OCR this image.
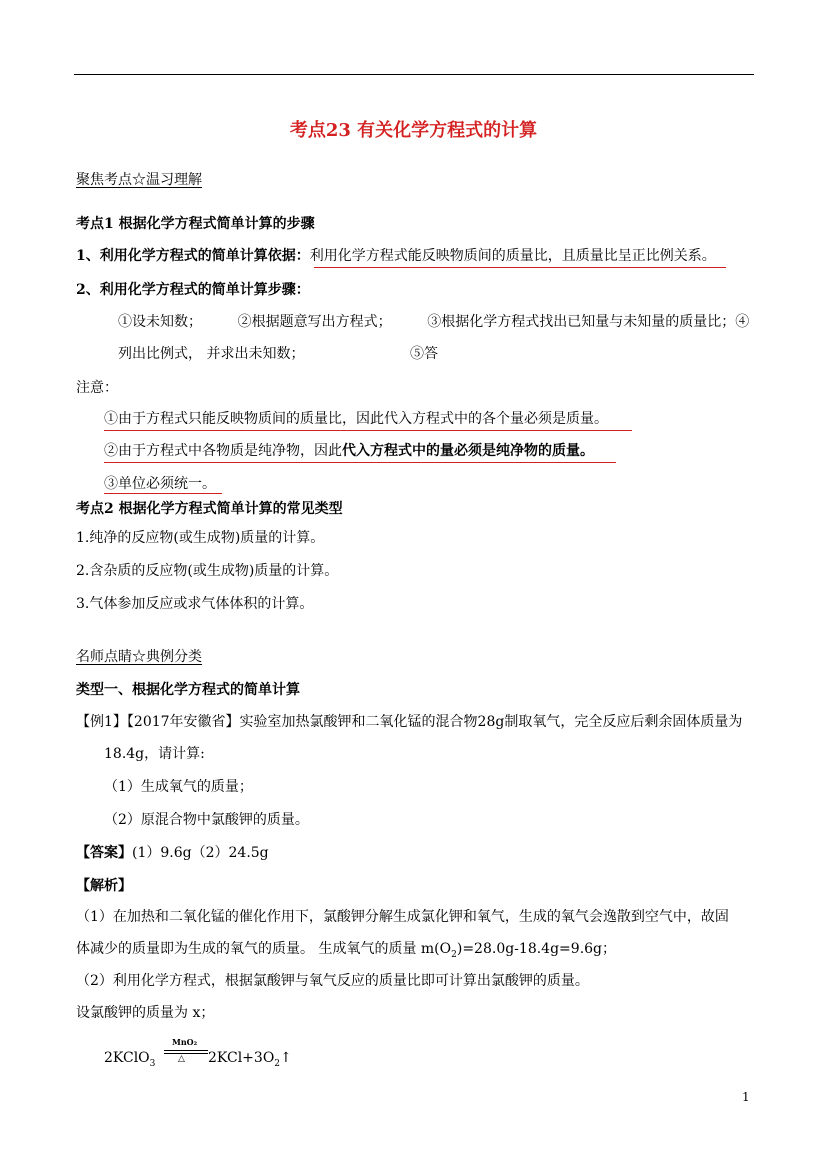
考点23 有关化学方程式的计算
聚焦考点☆温习理解
考点1 根据化学方程式简单计算的步骤
1、利用化学方程式的简单计算依据：利用化学方程式能反映物质间的质量比，且质量比呈正比例关系。
2、利用化学方程式的简单计算步骤：
①设未知数；        ②根据题意写出方程式；        ③根据化学方程式找出已知量与未知量的质量比；④
列出比例式， 并求出未知数；	⑤答
注意：
①由于方程式只能反映物质间的质量比，因此代入方程式中的各个量必须是质量。
②由于方程式中各物质是纯净物，因此代入方程式中的量必须是纯净物的质量。
③单位必须统一。
考点2 根据化学方程式简单计算的常见类型
1.纯净的反应物(或生成物)质量的计算。
2.含杂质的反应物(或生成物)质量的计算。
3.气体参加反应或求气体体积的计算。
名师点睛☆典例分类
类型一、根据化学方程式的简单计算
【例1】【2017年安徽省】实验室加热氯酸钾和二氧化锰的混合物28g制取氧气，完全反应后剩余固体质量为
18.4g，请计算:
（1）生成氧气的质量；
（2）原混合物中氯酸钾的质量。
【答案】(1）9.6g（2）24.5g
【解析】
（1）在加热和二氧化锰的催化作用下，氯酸钾分解生成氯化钾和氧气，生成的氧气会逸散到空气中，故固
体减少的质量即为生成的氧气的质量。 生成氧气的质量 $m(O_2)=28.0g-18.4g=9.6g$；
（2）利用化学方程式，根据氯酸钾与氧气反应的质量比即可计算出氯酸钾的质量。
设氯酸钾的质量为 x；
2KClO$_3$
MnO₂
△ $2KCl+3O_2↑$
1
